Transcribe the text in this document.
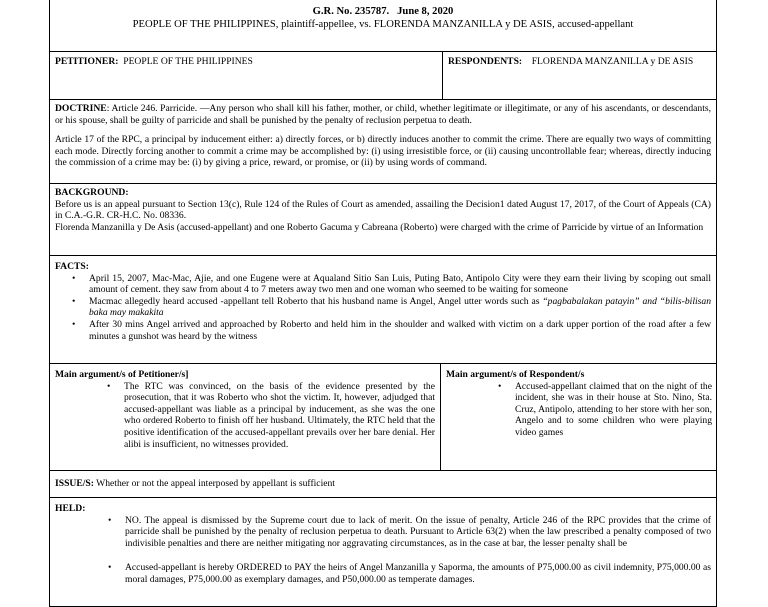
G.R. No. 235787. June 8, 2020

PEOPLE OF THE PHILIPPINES, plaintiff-appellee, vs. FLORENDA MANZANILLA y DE ASIS, accused-appellant

PETITIONER: PEOPLE OF THE PHILIPPINES	RESPONDENTS: FLORENDA MANZANILLA y DE ASIS

DOCTRINE: Article 246. Parricide. —Any person who shall kill his father, mother, or child, whether legitimate or illegitimate, or any of his ascendants, or descendants, or his spouse, shall be guilty of parricide and shall be punished by the penalty of reclusion perpetua to death.

Article 17 of the RPC, a principal by inducement either: a) directly forces, or b) directly induces another to commit the crime. There are equally two ways of committing each mode. Directly forcing another to commit a crime may be accomplished by: (i) using irresistible force, or (ii) causing uncontrollable fear; whereas, directly inducing the commission of a crime may be: (i) by giving a price, reward, or promise, or (ii) by using words of command.

BACKGROUND:

Before us is an appeal pursuant to Section 13(c), Rule 124 of the Rules of Court as amended, assailing the Decision1 dated August 17, 2017, of the Court of Appeals (CA) in C.A.-G.R. CR-H.C. No. 08336.

Florenda Manzanilla y De Asis (accused-appellant) and one Roberto Gacuma y Cabreana (Roberto) were charged with the crime of Parricide by virtue of an Information

FACTS:

• April 15, 2007, Mac-Mac, Ajie, and one Eugene were at Aqualand Sitio San Luis, Puting Bato, Antipolo City were they earn their living by scoping out small amount of cement. they saw from about 4 to 7 meters away two men and one woman who seemed to be waiting for someone
• Macmac allegedly heard accused -appellant tell Roberto that his husband name is Angel, Angel utter words such as “pagbabalakan patayin” and “bilis-bilisan baka may makakita
• After 30 mins Angel arrived and approached by Roberto and held him in the shoulder and walked with victim on a dark upper portion of the road after a few minutes a gunshot was heard by the witness

Main argument/s of Petitioner/s]

• The RTC was convinced, on the basis of the evidence presented by the prosecution, that it was Roberto who shot the victim. It, however, adjudged that accused-appellant was liable as a principal by inducement, as she was the one who ordered Roberto to finish off her husband. Ultimately, the RTC held that the positive identification of the accused-appellant prevails over her bare denial. Her alibi is insufficient, no witnesses provided.

Main argument/s of Respondent/s

• Accused-appellant claimed that on the night of the incident, she was in their house at Sto. Nino, Sta. Cruz, Antipolo, attending to her store with her son, Angelo and to some children who were playing video games
ISSUE/S: Whether or not the appeal interposed by appellant is sufficient

HELD:

• NO. The appeal is dismissed by the Supreme court due to lack of merit. On the issue of penalty, Article 246 of the RPC provides that the crime of parricide shall be punished by the penalty of reclusion perpetua to death. Pursuant to Article 63(2) when the law prescribed a penalty composed of two indivisible penalties and there are neither mitigating nor aggravating circumstances, as in the case at bar, the lesser penalty shall be
• Accused-appellant is hereby ORDERED to PAY the heirs of Angel Manzanilla y Saporma, the amounts of P75,000.00 as civil indemnity, P75,000.00 as moral damages, P75,000.00 as exemplary damages, and P50,000.00 as temperate damages.
